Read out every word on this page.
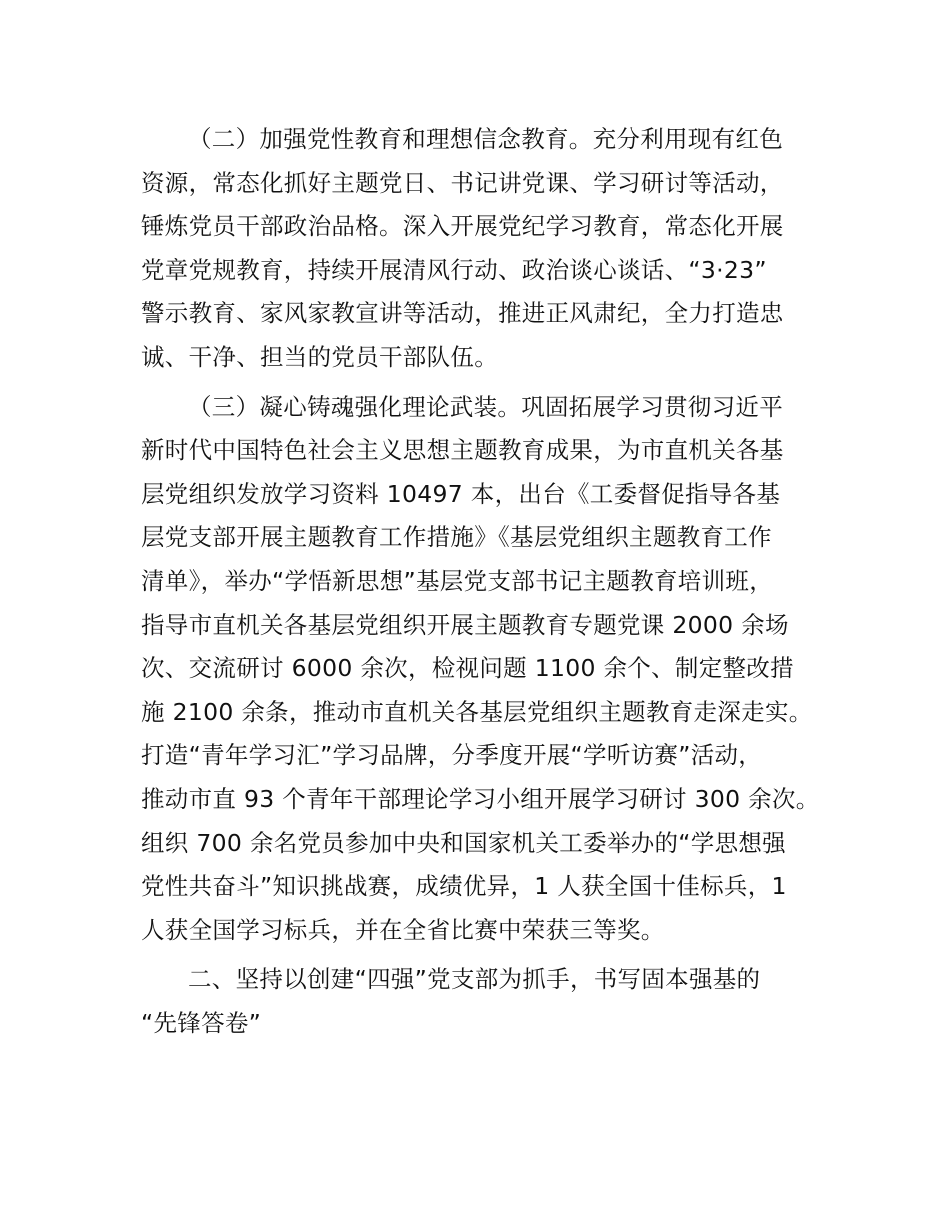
（二）加强党性教育和理想信念教育。充分利用现有红色
资源，常态化抓好主题党日、书记讲党课、学习研讨等活动，
锤炼党员干部政治品格。深入开展党纪学习教育，常态化开展
党章党规教育，持续开展清风行动、政治谈心谈话、“3·23”
警示教育、家风家教宣讲等活动，推进正风肃纪，全力打造忠
诚、干净、担当的党员干部队伍。
（三）凝心铸魂强化理论武装。巩固拓展学习贯彻习近平
新时代中国特色社会主义思想主题教育成果，为市直机关各基
层党组织发放学习资料 10497 本，出台《工委督促指导各基
层党支部开展主题教育工作措施》《基层党组织主题教育工作
清单》，举办“学悟新思想”基层党支部书记主题教育培训班，
指导市直机关各基层党组织开展主题教育专题党课 2000 余场
次、交流研讨 6000 余次，检视问题 1100 余个、制定整改措
施 2100 余条，推动市直机关各基层党组织主题教育走深走实。
打造“青年学习汇”学习品牌，分季度开展“学听访赛”活动，
推动市直 93 个青年干部理论学习小组开展学习研讨 300 余次。
组织 700 余名党员参加中央和国家机关工委举办的“学思想强
党性共奋斗”知识挑战赛，成绩优异，1 人获全国十佳标兵，1
人获全国学习标兵，并在全省比赛中荣获三等奖。
二、坚持以创建“四强”党支部为抓手，书写固本强基的
“先锋答卷”
